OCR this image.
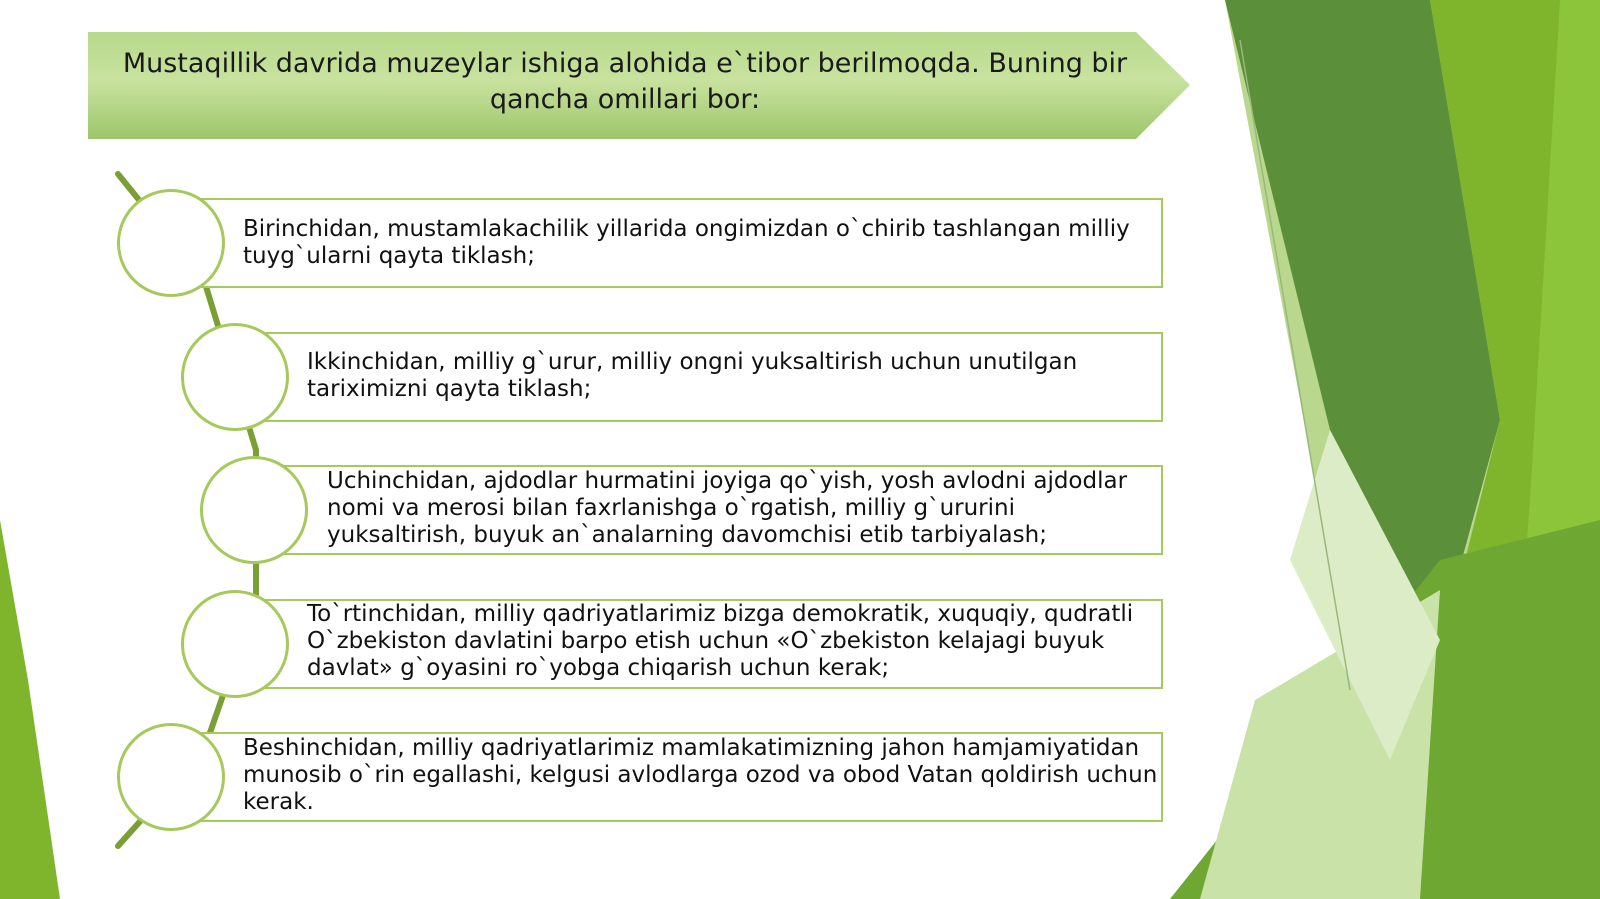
Mustaqillik davrida muzeylar ishiga alohida e`tibor berilmoqda. Buning bir qancha omillari bor:

Birinchidan, mustamlakachilik yillarida ongimizdan o`chirib tashlangan milliy tuyg`ularni qayta tiklash;

Ikkinchidan, milliy g`urur, milliy ongni yuksaltirish uchun unutilgan tariximizni qayta tiklash;

Uchinchidan, ajdodlar hurmatini joyiga qo`yish, yosh avlodni ajdodlar nomi va merosi bilan faxrlanishga o`rgatish, milliy g`ururini yuksaltirish, buyuk an`analarning davomchisi etib tarbiyalash;

To`rtinchidan, milliy qadriyatlarimiz bizga demokratik, xuquqiy, qudratli O`zbekiston davlatini barpo etish uchun «O`zbekiston kelajagi buyuk davlat» g`oyasini ro`yobga chiqarish uchun kerak;

Beshinchidan, milliy qadriyatlarimiz mamlakatimizning jahon hamjamiyatidan munosib o`rin egallashi, kelgusi avlodlarga ozod va obod Vatan qoldirish uchun kerak.
